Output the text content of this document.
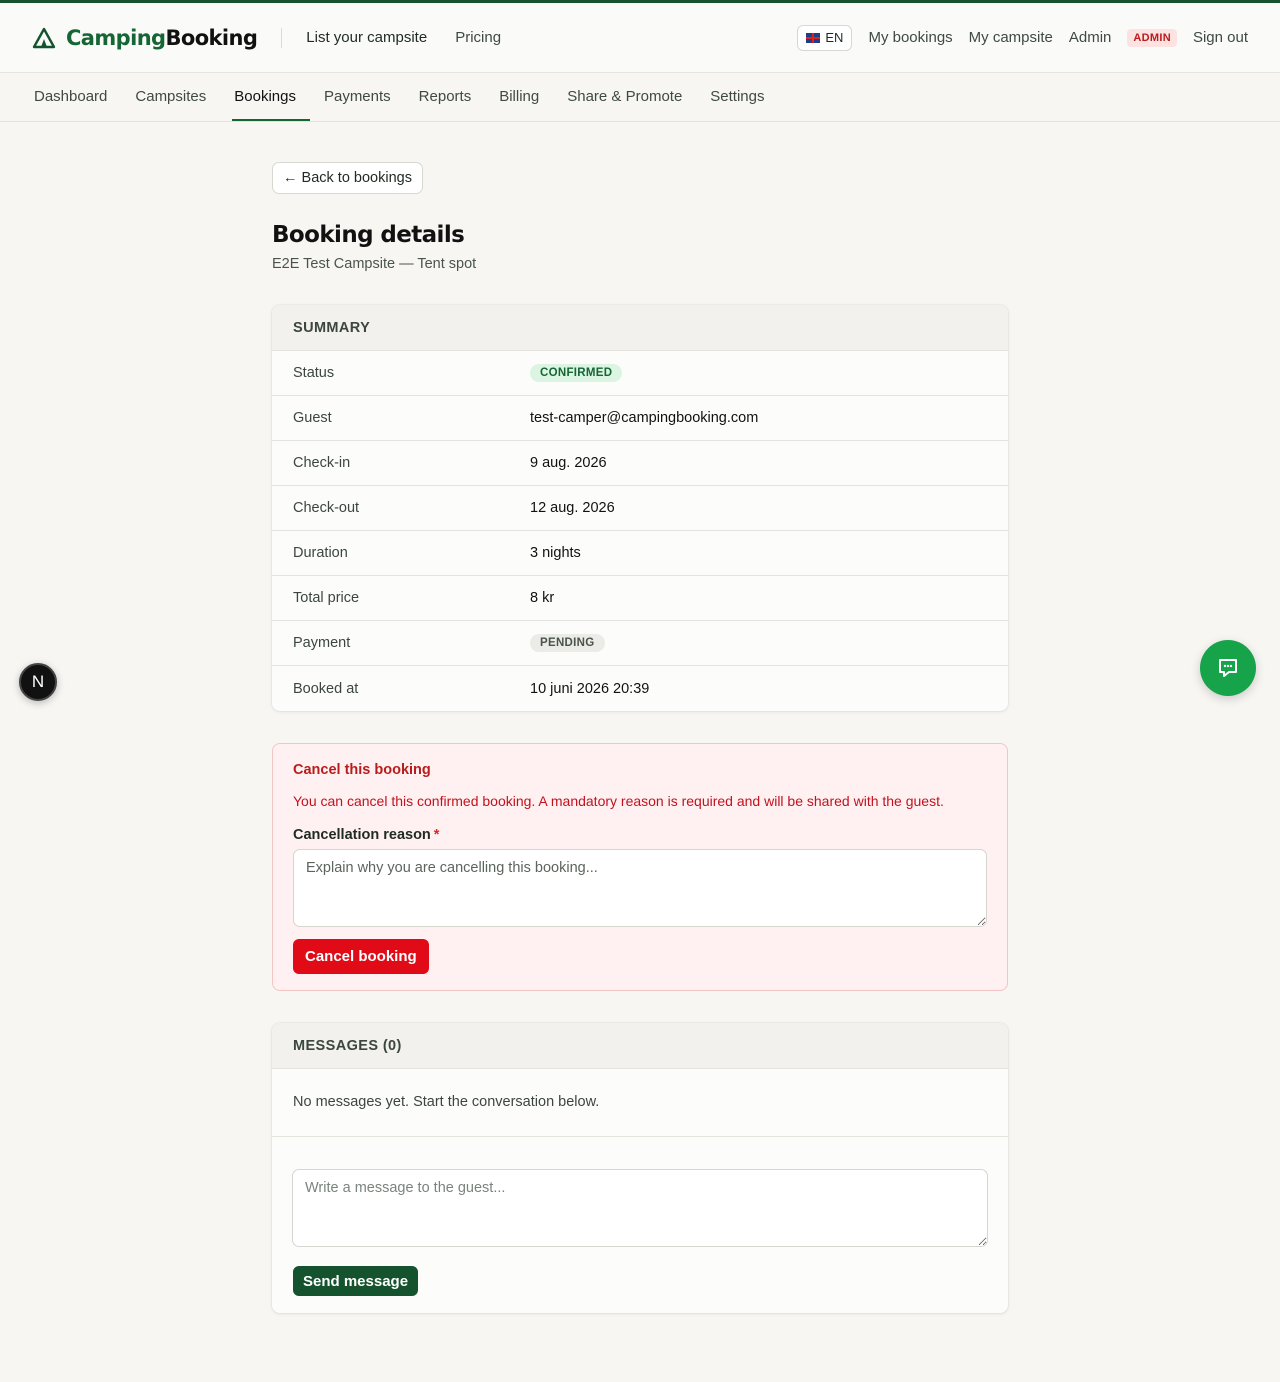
CampingBooking	List your campsite Pricing	EN My bookings My campsite Admin	ADMIN	Sign out
Dashboard	Campsites	Bookings	Payments	Reports	Billing	Share & Promote	Settings
← Back to bookings
Booking details
E2E Test Campsite — Tent spot
SUMMARY
Status	CONFIRMED
Guest	test-camper@campingbooking.com
Check-in	9 aug. 2026
Check-out	12 aug. 2026
Duration	3 nights
Total price	8 kr
Payment	PENDING
Booked at	10 juni 2026 20:39
Cancel this booking
You can cancel this confirmed booking. A mandatory reason is required and will be shared with the guest.
Cancellation reason *
Explain why you are cancelling this booking... Cancel booking
MESSAGES (0)
No messages yet. Start the conversation below.
Write a message to the guest... Send message
N
